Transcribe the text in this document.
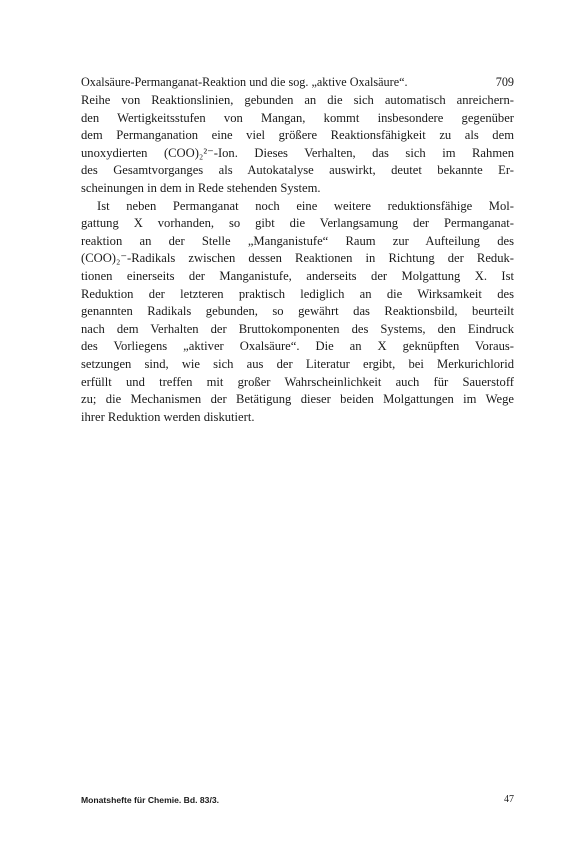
Oxalsäure-Permanganat-Reaktion und die sog. „aktive Oxalsäure“.	709

Reihe von Reaktionslinien, gebunden an die sich automatisch anreichern-
den Wertigkeitsstufen von Mangan, kommt insbesondere gegenüber
dem Permanganation eine viel größere Reaktionsfähigkeit zu als dem
unoxydierten (COO)₂²⁻-Ion. Dieses Verhalten, das sich im Rahmen
des Gesamtvorganges als Autokatalyse auswirkt, deutet bekannte Er-
scheinungen in dem in Rede stehenden System.

Ist neben Permanganat noch eine weitere reduktionsfähige Mol-
gattung X vorhanden, so gibt die Verlangsamung der Permanganat-
reaktion an der Stelle „Manganistufe“ Raum zur Aufteilung des
(COO)₂⁻-Radikals zwischen dessen Reaktionen in Richtung der Reduk-
tionen einerseits der Manganistufe, anderseits der Molgattung X. Ist
Reduktion der letzteren praktisch lediglich an die Wirksamkeit des
genannten Radikals gebunden, so gewährt das Reaktionsbild, beurteilt
nach dem Verhalten der Bruttokomponenten des Systems, den Eindruck
des Vorliegens „aktiver Oxalsäure“. Die an X geknüpften Voraus-
setzungen sind, wie sich aus der Literatur ergibt, bei Merkurichlorid
erfüllt und treffen mit großer Wahrscheinlichkeit auch für Sauerstoff
zu; die Mechanismen der Betätigung dieser beiden Molgattungen im Wege
ihrer Reduktion werden diskutiert.

Monatshefte für Chemie. Bd. 83/3.	47
